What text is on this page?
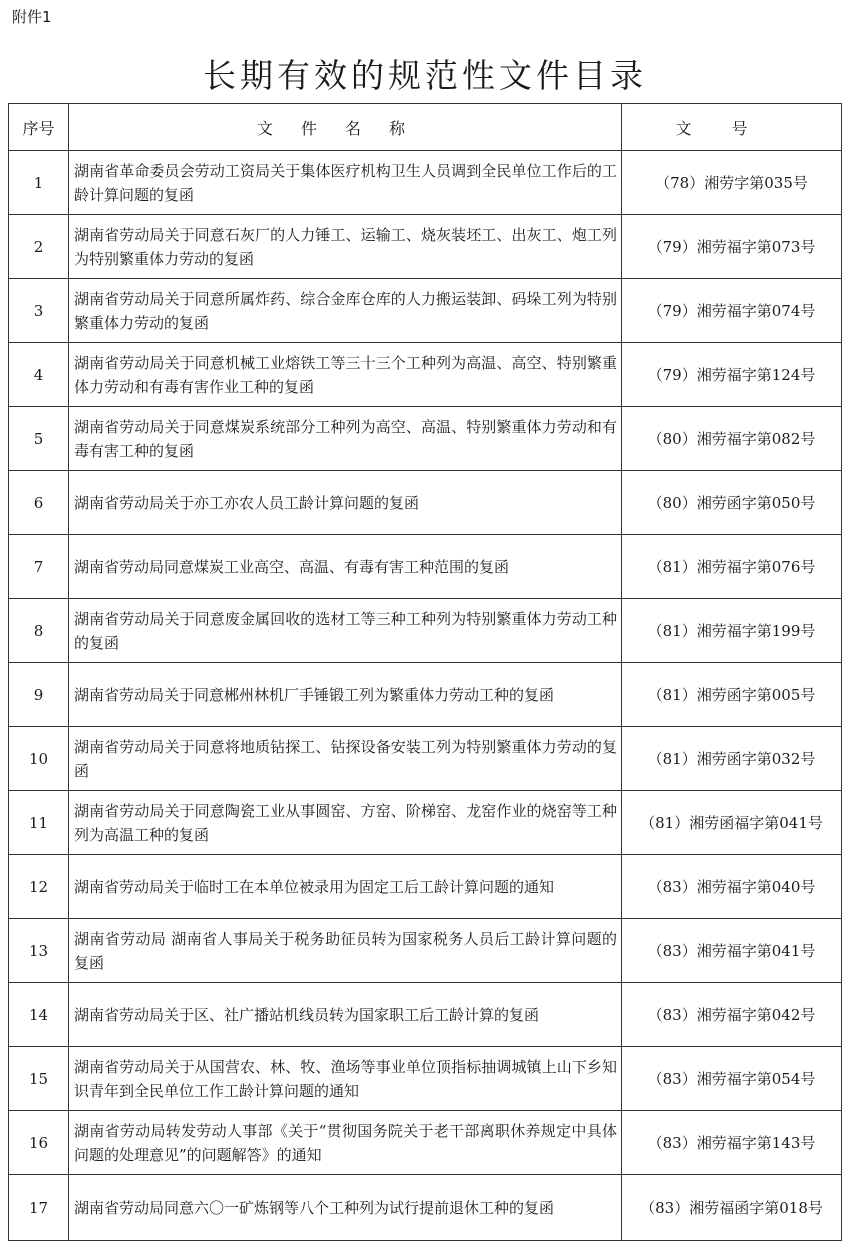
附件1
长期有效的规范性文件目录
序号	文件名称	文号
1	湖南省革命委员会劳动工资局关于集体医疗机构卫生人员调到全民单位工作后的工龄计算问题的复函	（78）湘劳字第035号
2	湖南省劳动局关于同意石灰厂的人力锤工、运输工、烧灰装坯工、出灰工、炮工列为特别繁重体力劳动的复函	（79）湘劳福字第073号
3	湖南省劳动局关于同意所属炸药、综合金库仓库的人力搬运装卸、码垛工列为特别繁重体力劳动的复函	（79）湘劳福字第074号
4	湖南省劳动局关于同意机械工业熔铁工等三十三个工种列为高温、高空、特别繁重体力劳动和有毒有害作业工种的复函	（79）湘劳福字第124号
5	湖南省劳动局关于同意煤炭系统部分工种列为高空、高温、特别繁重体力劳动和有毒有害工种的复函	（80）湘劳福字第082号
6	湖南省劳动局关于亦工亦农人员工龄计算问题的复函	（80）湘劳函字第050号
7	湖南省劳动局同意煤炭工业高空、高温、有毒有害工种范围的复函	（81）湘劳福字第076号
8	湖南省劳动局关于同意废金属回收的选材工等三种工种列为特别繁重体力劳动工种的复函	（81）湘劳福字第199号
9	湖南省劳动局关于同意郴州林机厂手锤锻工列为繁重体力劳动工种的复函	（81）湘劳函字第005号
10	湖南省劳动局关于同意将地质钻探工、钻探设备安装工列为特别繁重体力劳动的复函	（81）湘劳函字第032号
11	湖南省劳动局关于同意陶瓷工业从事圆窑、方窑、阶梯窑、龙窑作业的烧窑等工种列为高温工种的复函	（81）湘劳函福字第041号
12	湖南省劳动局关于临时工在本单位被录用为固定工后工龄计算问题的通知	（83）湘劳福字第040号
13	湖南省劳动局 湖南省人事局关于税务助征员转为国家税务人员后工龄计算问题的复函	（83）湘劳福字第041号
14	湖南省劳动局关于区、社广播站机线员转为国家职工后工龄计算的复函	（83）湘劳福字第042号
15	湖南省劳动局关于从国营农、林、牧、渔场等事业单位顶指标抽调城镇上山下乡知识青年到全民单位工作工龄计算问题的通知	（83）湘劳福字第054号
16	湖南省劳动局转发劳动人事部《关于“贯彻国务院关于老干部离职休养规定中具体问题的处理意见”的问题解答》的通知	（83）湘劳福字第143号
17	湖南省劳动局同意六〇一矿炼钢等八个工种列为试行提前退休工种的复函	（83）湘劳福函字第018号
